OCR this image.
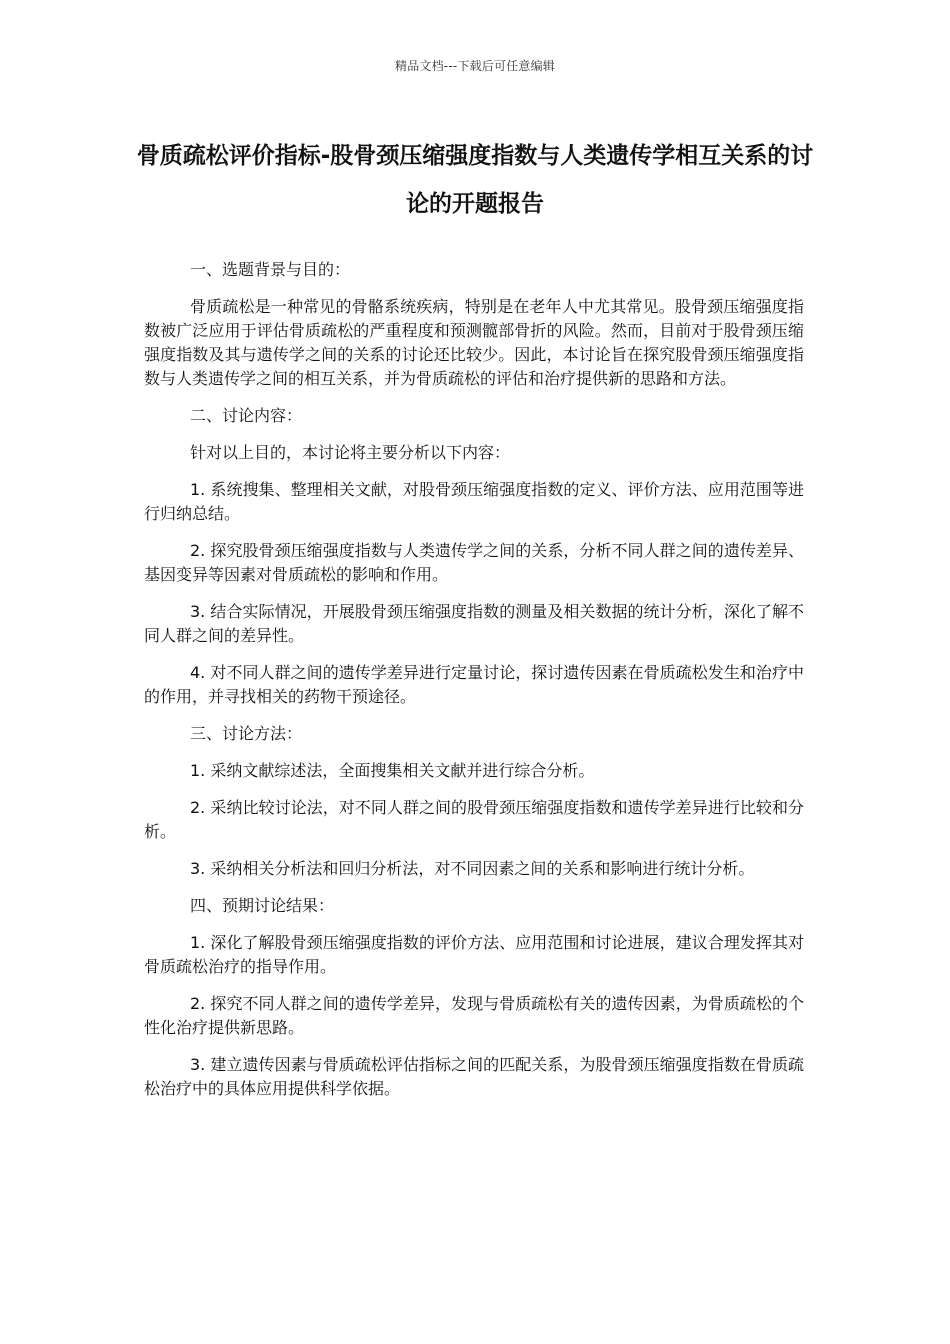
精品文档---下载后可任意编辑
骨质疏松评价指标-股骨颈压缩强度指数与人类遗传学相互关系的讨论的开题报告

一、选题背景与目的：

骨质疏松是一种常见的骨骼系统疾病，特别是在老年人中尤其常见。股骨颈压缩强度指数被广泛应用于评估骨质疏松的严重程度和预测髋部骨折的风险。然而，目前对于股骨颈压缩强度指数及其与遗传学之间的关系的讨论还比较少。因此，本讨论旨在探究股骨颈压缩强度指数与人类遗传学之间的相互关系，并为骨质疏松的评估和治疗提供新的思路和方法。

二、讨论内容：

针对以上目的，本讨论将主要分析以下内容：

1. 系统搜集、整理相关文献，对股骨颈压缩强度指数的定义、评价方法、应用范围等进行归纳总结。

2. 探究股骨颈压缩强度指数与人类遗传学之间的关系，分析不同人群之间的遗传差异、基因变异等因素对骨质疏松的影响和作用。

3. 结合实际情况，开展股骨颈压缩强度指数的测量及相关数据的统计分析，深化了解不同人群之间的差异性。

4. 对不同人群之间的遗传学差异进行定量讨论，探讨遗传因素在骨质疏松发生和治疗中的作用，并寻找相关的药物干预途径。

三、讨论方法：

1. 采纳文献综述法，全面搜集相关文献并进行综合分析。

2. 采纳比较讨论法，对不同人群之间的股骨颈压缩强度指数和遗传学差异进行比较和分析。

3. 采纳相关分析法和回归分析法，对不同因素之间的关系和影响进行统计分析。

四、预期讨论结果：

1. 深化了解股骨颈压缩强度指数的评价方法、应用范围和讨论进展，建议合理发挥其对骨质疏松治疗的指导作用。

2. 探究不同人群之间的遗传学差异，发现与骨质疏松有关的遗传因素，为骨质疏松的个性化治疗提供新思路。

3. 建立遗传因素与骨质疏松评估指标之间的匹配关系，为股骨颈压缩强度指数在骨质疏松治疗中的具体应用提供科学依据。
